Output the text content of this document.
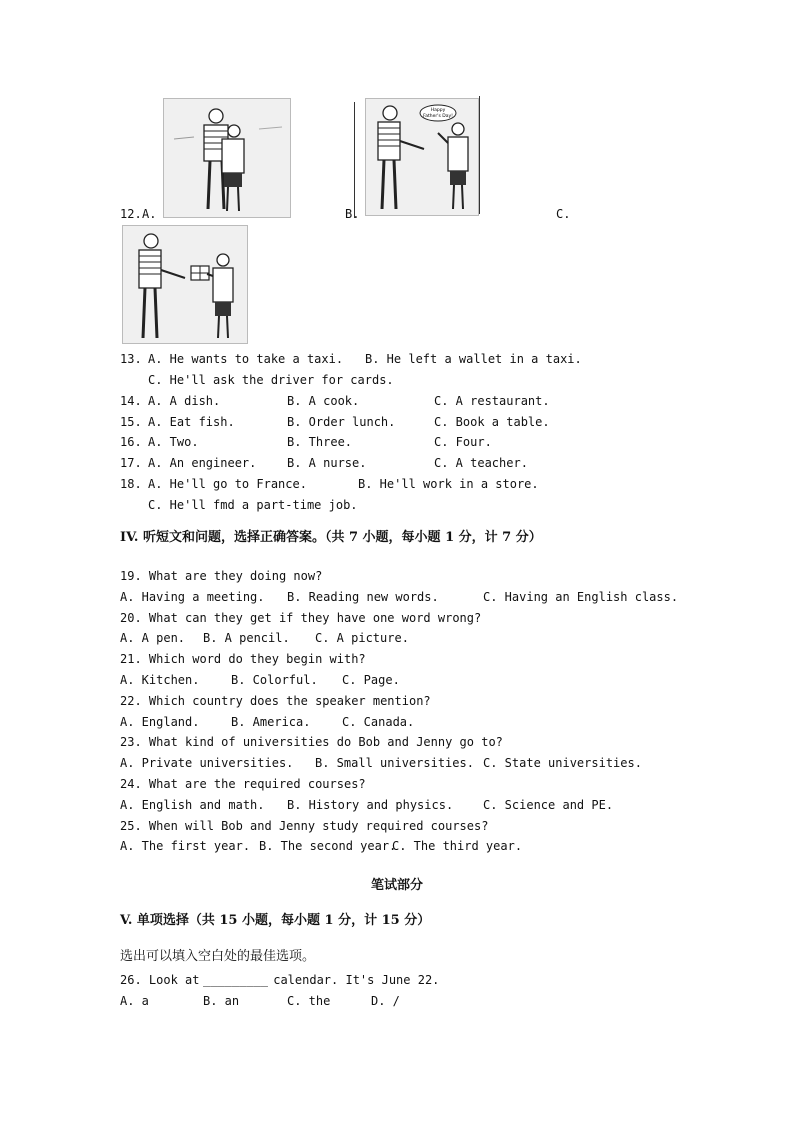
Happy
Father's Day!
12. A.	B.	C.
13. A. He wants to take a taxi. B. He left a wallet in a taxi.
C. He'll ask the driver for cards.
14. A. A dish.	B. A cook.	C. A restaurant.
15. A. Eat fish.	B. Order lunch.	C. Book a table.
16. A. Two.	B. Three.	C. Four.
17. A. An engineer.	B. A nurse.	C. A teacher.
18. A. He'll go to France.	B. He'll work in a store.
C. He'll fmd a part-time job.
IV. 听短文和问题，选择正确答案。（共 7 小题，每小题 1 分，计 7 分）
19. What are they doing now?
A. Having a meeting. B. Reading new words.	C. Having an English class.
20. What can they get if they have one word wrong?
A. A pen. B. A pencil. C. A picture.
21. Which word do they begin with?
A. Kitchen.	B. Colorful. C. Page.
22. Which country does the speaker mention?
A. England.	B. America.	C. Canada.
23. What kind of universities do Bob and Jenny go to?
A. Private universities. B. Small universities. C. State universities.
24. What are the required courses?
A. English and math. B. History and physics. C. Science and PE.
25. When will Bob and Jenny study required courses?
A. The first year. B. The second year.
C. The third year.
笔试部分
V. 单项选择（共 15 小题，每小题 1 分，计 15 分）
选出可以填入空白处的最佳选项。
26. Look at
_________
calendar. It's June 22.
A. a	B. an	C. the	D. /
